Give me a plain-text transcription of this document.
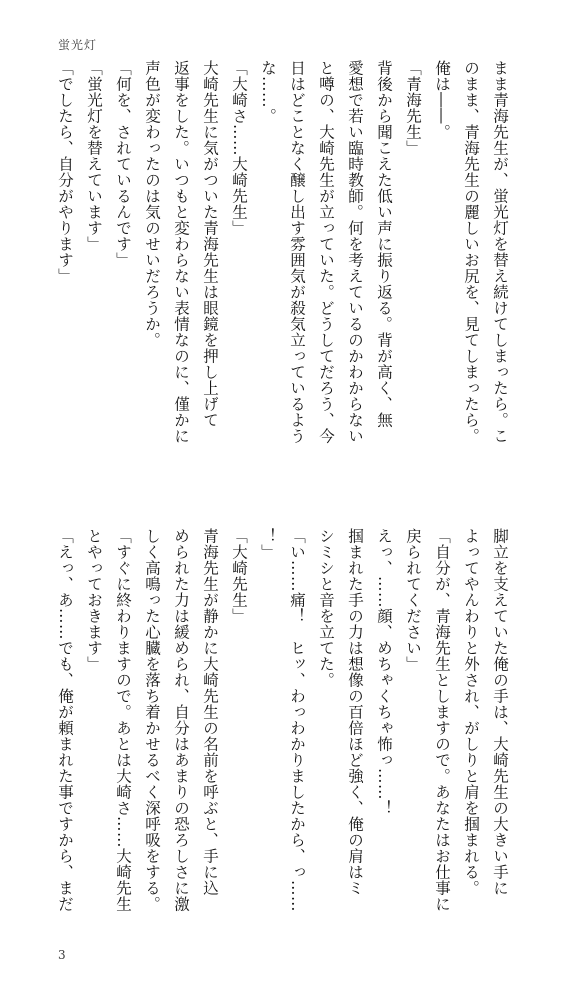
蛍光灯
まま青海先生が、蛍光灯を替え続けてしまったら。こ
のまま、青海先生の麗しいお尻を、見てしまったら。
俺は――。
「青海先生」
背後から聞こえた低い声に振り返る。背が高く、無
愛想で若い臨時教師。何を考えているのかわからない
と噂の、大崎先生が立っていた。どうしてだろう、今
日はどことなく醸し出す雰囲気が殺気立っているよう
な……。
「大崎さ……大崎先生」
大崎先生に気がついた青海先生は眼鏡を押し上げて
返事をした。いつもと変わらない表情なのに、僅かに
声色が変わったのは気のせいだろうか。
「何を、されているんです」
「蛍光灯を替えています」
「でしたら、自分がやります」
脚立を支えていた俺の手は、大崎先生の大きい手に
よってやんわりと外され、がしりと肩を掴まれる。
「自分が、青海先生としますので。あなたはお仕事に
戻られてください」
えっ、……顔、めちゃくちゃ怖っ……！
掴まれた手の力は想像の百倍ほど強く、俺の肩はミ
シミシと音を立てた。
「い……痛！　ヒッ、わっわかりましたから、っ……
！」
「大崎先生」
青海先生が静かに大崎先生の名前を呼ぶと、手に込
められた力は緩められ、自分はあまりの恐ろしさに激
しく高鳴った心臓を落ち着かせるべく深呼吸をする。
「すぐに終わりますので。あとは大崎さ……大崎先生
とやっておきます」
「えっ、あ……でも、俺が頼まれた事ですから、まだ
3
